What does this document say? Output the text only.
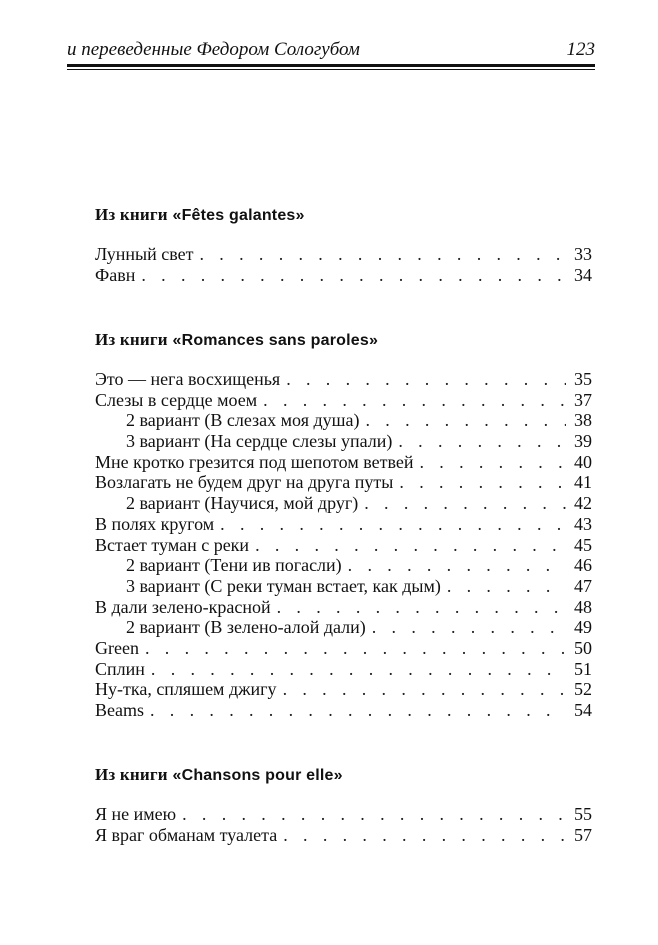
и переведенные Федором Сологубом	123
Из книги «Fêtes galantes»
Лунный свет . . .	33
Фавн . . .	34
Из книги «Romances sans paroles»
Это — нега восхищенья . . .	35
Слезы в сердце моем . . .	37
2 вариант (В слезах моя душа) . . .	38
3 вариант (На сердце слезы упали) . . .	39
Мне кротко грезится под шепотом ветвей . . .	40
Возлагать не будем друг на друга путы . . .	41
2 вариант (Научися, мой друг) . . .	42
В полях кругом . . .	43
Встает туман с реки . . .	45
2 вариант (Тени ив погасли) . . .	46
3 вариант (С реки туман встает, как дым) . . .	47
В дали зелено-красной . . .	48
2 вариант (В зелено-алой дали) . . .	49
Green . . .	50
Сплин . . .	51
Ну-тка, спляшем джигу . . .	52
Beams . . .	54
Из книги «Chansons pour elle»
Я не имею . . .	55
Я враг обманам туалета . . .	57
